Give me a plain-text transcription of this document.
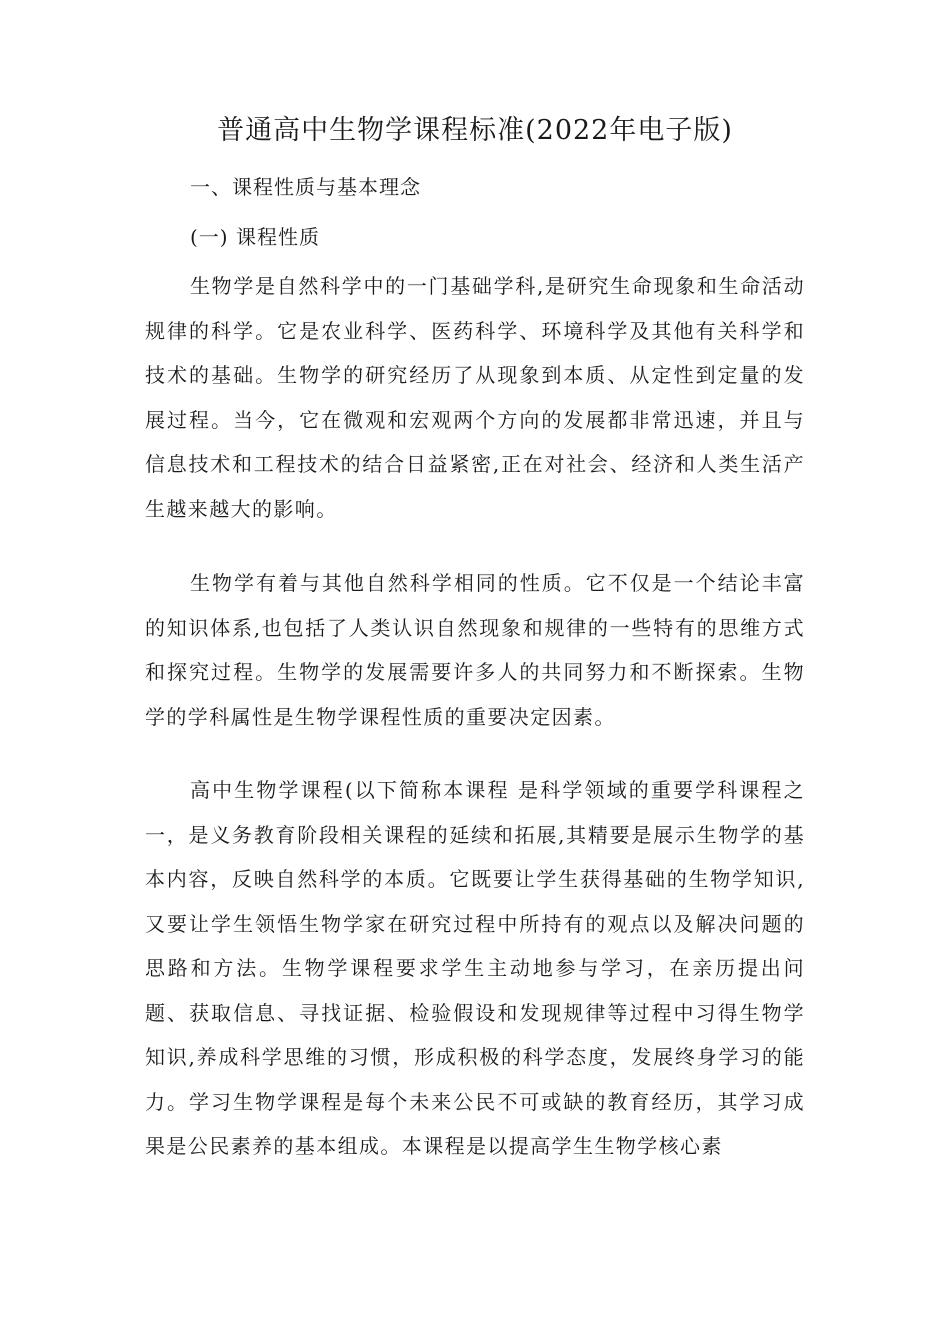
普通高中生物学课程标准(2022年电子版)
一、课程性质与基本理念
(一) 课程性质

生物学是自然科学中的一门基础学科,是研究生命现象和生命活动规律的科学。它是农业科学、医药科学、环境科学及其他有关科学和技术的基础。生物学的研究经历了从现象到本质、从定性到定量的发展过程。当今，它在微观和宏观两个方向的发展都非常迅速，并且与信息技术和工程技术的结合日益紧密,正在对社会、经济和人类生活产生越来越大的影响。

生物学有着与其他自然科学相同的性质。它不仅是一个结论丰富的知识体系,也包括了人类认识自然现象和规律的一些特有的思维方式和探究过程。生物学的发展需要许多人的共同努力和不断探索。生物学的学科属性是生物学课程性质的重要决定因素。

高中生物学课程(以下简称本课程 是科学领域的重要学科课程之一，是义务教育阶段相关课程的延续和拓展,其精要是展示生物学的基本内容，反映自然科学的本质。它既要让学生获得基础的生物学知识,又要让学生领悟生物学家在研究过程中所持有的观点以及解决问题的思路和方法。生物学课程要求学生主动地参与学习，在亲历提出问题、获取信息、寻找证据、检验假设和发现规律等过程中习得生物学知识,养成科学思维的习惯，形成积极的科学态度，发展终身学习的能力。学习生物学课程是每个未来公民不可或缺的教育经历，其学习成果是公民素养的基本组成。本课程是以提高学生生物学核心素
